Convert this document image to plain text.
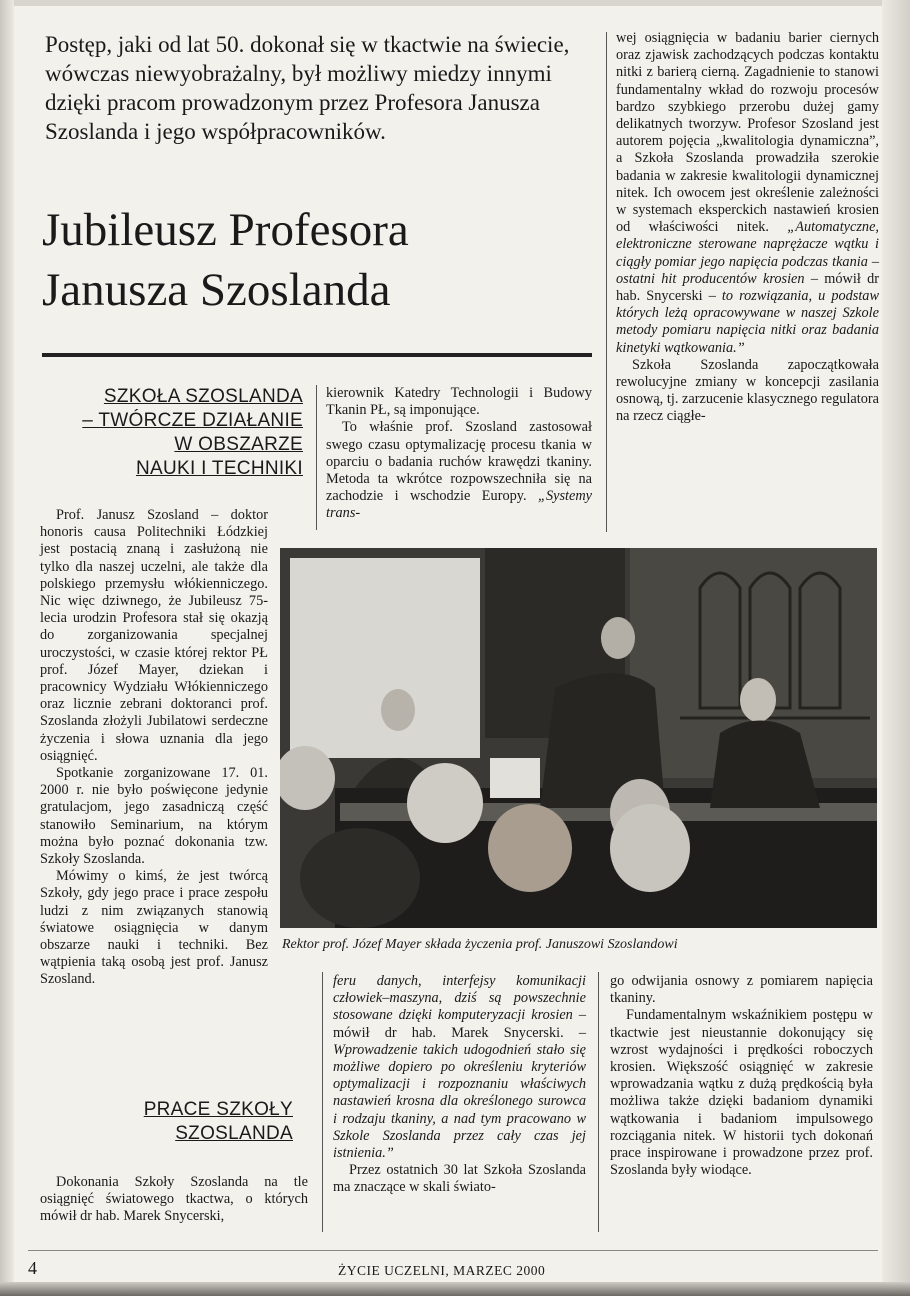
Postęp, jaki od lat 50. dokonał się w tkactwie na świecie, wówczas niewyobrażalny, był możliwy miedzy innymi dzięki pracom prowadzonym przez Profesora Janusza Szoslanda i jego współpracowników.
Jubileusz Profesora
Janusza Szoslanda
SZKOŁA SZOSLANDA
– TWÓRCZE DZIAŁANIE
W OBSZARZE
NAUKI I TECHNIKI

Prof. Janusz Szosland – doktor honoris causa Politechniki Łódzkiej jest postacią znaną i zasłużoną nie tylko dla naszej uczelni, ale także dla polskiego przemysłu włókienniczego. Nic więc dziwnego, że Jubileusz 75-lecia urodzin Profesora stał się okazją do zorganizowania specjalnej uroczystości, w czasie której rektor PŁ prof. Józef Mayer, dziekan i pracownicy Wydziału Włókienniczego oraz licznie zebrani doktoranci prof. Szoslanda złożyli Jubilatowi serdeczne życzenia i słowa uznania dla jego osiągnięć.

Spotkanie zorganizowane 17. 01. 2000 r. nie było poświęcone jedynie gratulacjom, jego zasadniczą część stanowiło Seminarium, na którym można było poznać dokonania tzw. Szkoły Szoslanda.

Mówimy o kimś, że jest twórcą Szkoły, gdy jego prace i prace zespołu ludzi z nim związanych stanowią światowe osiągnięcia w danym obszarze nauki i techniki. Bez wątpienia taką osobą jest prof. Janusz Szosland.

PRACE SZKOŁY
SZOSLANDA

Dokonania Szkoły Szoslanda na tle osiągnięć światowego tkactwa, o których mówił dr hab. Marek Snycerski,

kierownik Katedry Technologii i Budowy Tkanin PŁ, są imponujące.

To właśnie prof. Szosland zastosował swego czasu optymalizację procesu tkania w oparciu o badania ruchów krawędzi tkaniny. Metoda ta wkrótce rozpowszechniła się na zachodzie i wschodzie Europy. „Systemy trans-

wej osiągnięcia w badaniu barier ciernych oraz zjawisk zachodzących podczas kontaktu nitki z barierą cierną. Zagadnienie to stanowi fundamentalny wkład do rozwoju procesów bardzo szybkiego przerobu dużej gamy delikatnych tworzyw. Profesor Szosland jest autorem pojęcia „kwalitologia dynamiczna”, a Szkoła Szoslanda prowadziła szerokie badania w zakresie kwalitologii dynamicznej nitek. Ich owocem jest określenie zależności w systemach eksperckich nastawień krosien od właściwości nitek. „Automatyczne, elektroniczne sterowane naprężacze wątku i ciągły pomiar jego napięcia podczas tkania – ostatni hit producentów krosien – mówił dr hab. Snycerski – to rozwiązania, u podstaw których leżą opracowywane w naszej Szkole metody pomiaru napięcia nitki oraz badania kinetyki wątkowania.”

Szkoła Szoslanda zapoczątkowała rewolucyjne zmiany w koncepcji zasilania osnową, tj. zarzucenie klasycznego regulatora na rzecz ciągłe-

Rektor prof. Józef Mayer składa życzenia prof. Januszowi Szoslandowi

feru danych, interfejsy komunikacji człowiek–maszyna, dziś są powszechnie stosowane dzięki komputeryzacji krosien – mówił dr hab. Marek Snycerski. – Wprowadzenie takich udogodnień stało się możliwe dopiero po określeniu kryteriów optymalizacji i rozpoznaniu właściwych nastawień krosna dla określonego surowca i rodzaju tkaniny, a nad tym pracowano w Szkole Szoslanda przez cały czas jej istnienia.”

Przez ostatnich 30 lat Szkoła Szoslanda ma znaczące w skali świato-

go odwijania osnowy z pomiarem napięcia tkaniny.

Fundamentalnym wskaźnikiem postępu w tkactwie jest nieustannie dokonujący się wzrost wydajności i prędkości roboczych krosien. Większość osiągnięć w zakresie wprowadzania wątku z dużą prędkością była możliwa także dzięki badaniom dynamiki wątkowania i badaniom impulsowego rozciągania nitek. W historii tych dokonań prace inspirowane i prowadzone przez prof. Szoslanda były wiodące.

4	ŻYCIE UCZELNI, MARZEC 2000
